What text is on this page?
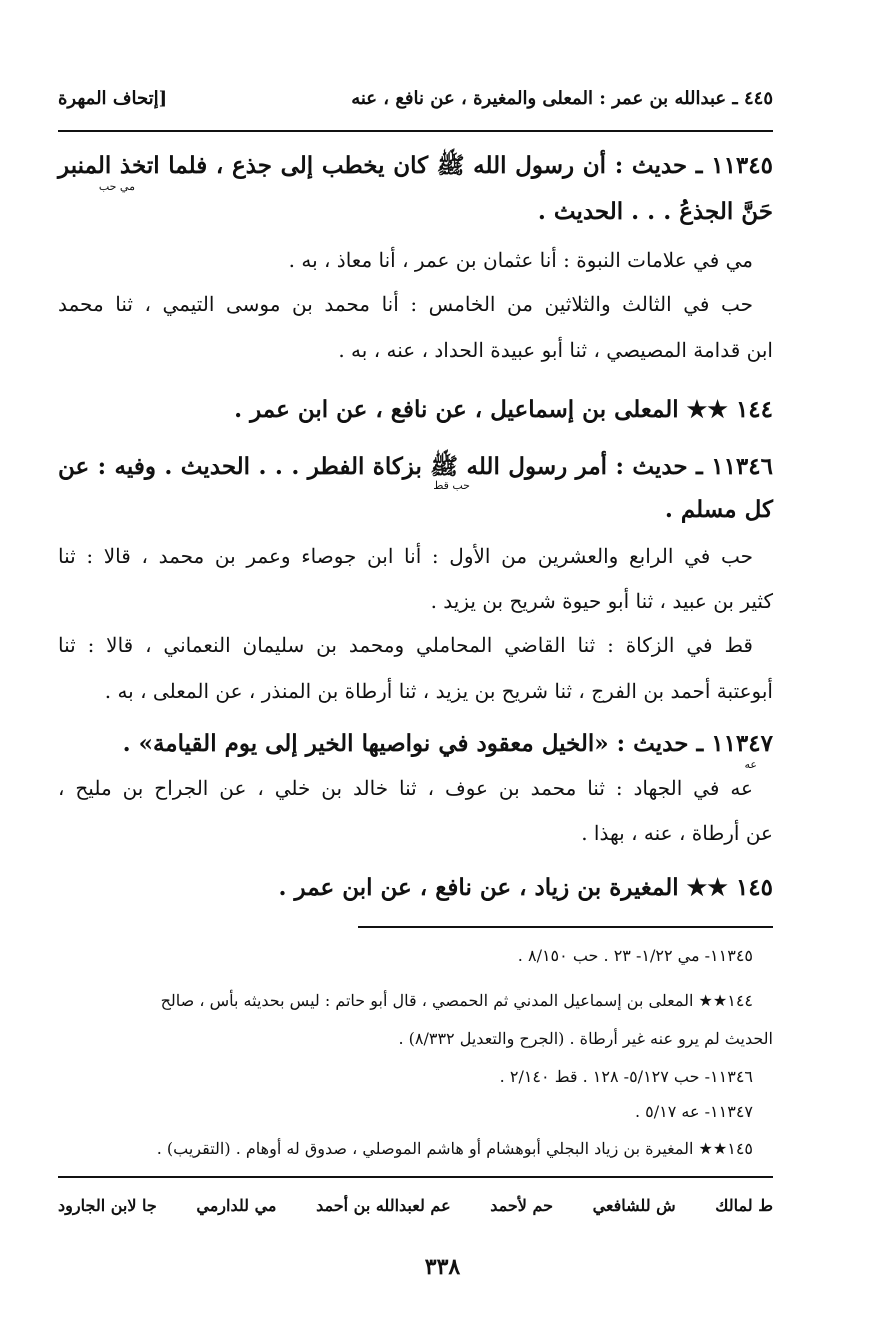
٤٤٥ ـ عبدالله بن عمر : المعلى والمغيرة ، عن نافع ، عنه
[إتحاف المهرة
١١٣٤٥ ـ حديث : أن رسول الله ﷺ كان يخطب إلى جذع ، فلما اتخذ المنبر
مي حب
حَنَّ الجذعُ . . . الحديث .
مي في علامات النبوة : أنا عثمان بن عمر ، أنا معاذ ، به .
حب في الثالث والثلاثين من الخامس : أنا محمد بن موسى التيمي ، ثنا محمد
ابن قدامة المصيصي ، ثنا أبو عبيدة الحداد ، عنه ، به .
١٤٤ ★★ المعلى بن إسماعيل ، عن نافع ، عن ابن عمر .
١١٣٤٦ ـ حديث : أمر رسول الله ﷺ بزكاة الفطر . . . الحديث . وفيه : عن
حب قط
كل مسلم .
حب في الرابع والعشرين من الأول : أنا ابن جوصاء وعمر بن محمد ، قالا : ثنا
كثير بن عبيد ، ثنا أبو حيوة شريح بن يزيد .
قط في الزكاة : ثنا القاضي المحاملي ومحمد بن سليمان النعماني ، قالا : ثنا
أبوعتبة أحمد بن الفرج ، ثنا شريح بن يزيد ، ثنا أرطاة بن المنذر ، عن المعلى ، به .
١١٣٤٧ ـ حديث : «الخيل معقود في نواصيها الخير إلى يوم القيامة» .
عه
عه في الجهاد : ثنا محمد بن عوف ، ثنا خالد بن خلي ، عن الجراح بن مليح ،
عن أرطاة ، عنه ، بهذا .
١٤٥ ★★ المغيرة بن زياد ، عن نافع ، عن ابن عمر .
١١٣٤٥- مي ١/٢٢- ٢٣ . حب ٨/١٥٠ .
١٤٤★★ المعلى بن إسماعيل المدني ثم الحمصي ، قال أبو حاتم : ليس بحديثه بأس ، صالح
الحديث لم يرو عنه غير أرطاة . (الجرح والتعديل ٨/٣٣٢) .
١١٣٤٦- حب ٥/١٢٧- ١٢٨ . قط ٢/١٤٠ .
١١٣٤٧- عه ٥/١٧ .
١٤٥★★ المغيرة بن زياد البجلي أبوهشام أو هاشم الموصلي ، صدوق له أوهام . (التقريب) .
ط لمالك
ش للشافعي
حم لأحمد
عم لعبدالله بن أحمد
مي للدارمي
جا لابن الجارود
٣٣٨
